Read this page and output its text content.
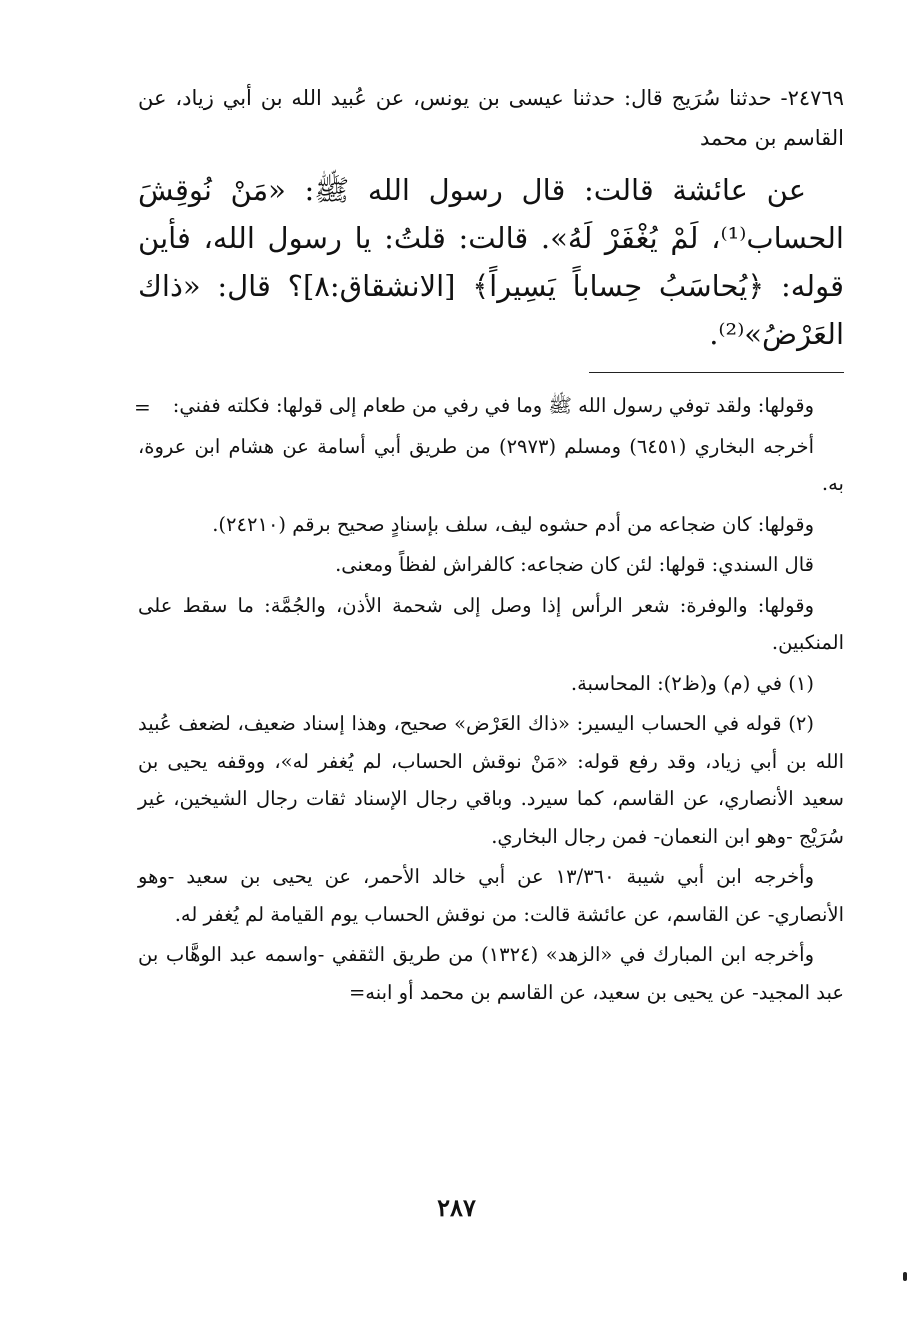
٢٤٧٦٩- حدثنا سُرَيج قال: حدثنا عيسى بن يونس، عن عُبيد الله بن أبي زياد، عن القاسم بن محمد

عن عائشة قالت: قال رسول الله ﷺ: «مَنْ نُوقِشَ الحساب⁽¹⁾، لَمْ يُغْفَرْ لَهُ». قالت: قلتُ: يا رسول الله، فأين قوله: ﴿يُحاسَبُ حِساباً يَسِيراً﴾ [الانشقاق:٨]؟ قال: «ذاك العَرْضُ»⁽²⁾.

=	وقولها: ولقد توفي رسول الله ﷺ وما في رفي من طعام إلى قولها: فكلته ففني:

أخرجه البخاري (٦٤٥١) ومسلم (٢٩٧٣) من طريق أبي أسامة عن هشام ابن عروة، به.

وقولها: كان ضجاعه من أدم حشوه ليف، سلف بإسنادٍ صحيح برقم (٢٤٢١٠).

قال السندي: قولها: لئن كان ضجاعه: كالفراش لفظاً ومعنى.

وقولها: والوفرة: شعر الرأس إذا وصل إلى شحمة الأذن، والجُمَّة: ما سقط على المنكبين.

(١) في (م) و(ظ٢): المحاسبة.

(٢) قوله في الحساب اليسير: «ذاك العَرْض» صحيح، وهذا إسناد ضعيف، لضعف عُبيد الله بن أبي زياد، وقد رفع قوله: «مَنْ نوقش الحساب، لم يُغفر له»، ووقفه يحيى بن سعيد الأنصاري، عن القاسم، كما سيرد. وباقي رجال الإسناد ثقات رجال الشيخين، غير سُرَيْج -وهو ابن النعمان- فمن رجال البخاري.

وأخرجه ابن أبي شيبة ١٣/٣٦٠ عن أبي خالد الأحمر، عن يحيى بن سعيد -وهو الأنصاري- عن القاسم، عن عائشة قالت: من نوقش الحساب يوم القيامة لم يُغفر له.

وأخرجه ابن المبارك في «الزهد» (١٣٢٤) من طريق الثقفي -واسمه عبد الوهَّاب بن عبد المجيد- عن يحيى بن سعيد، عن القاسم بن محمد أو ابنه=

٢٨٧
